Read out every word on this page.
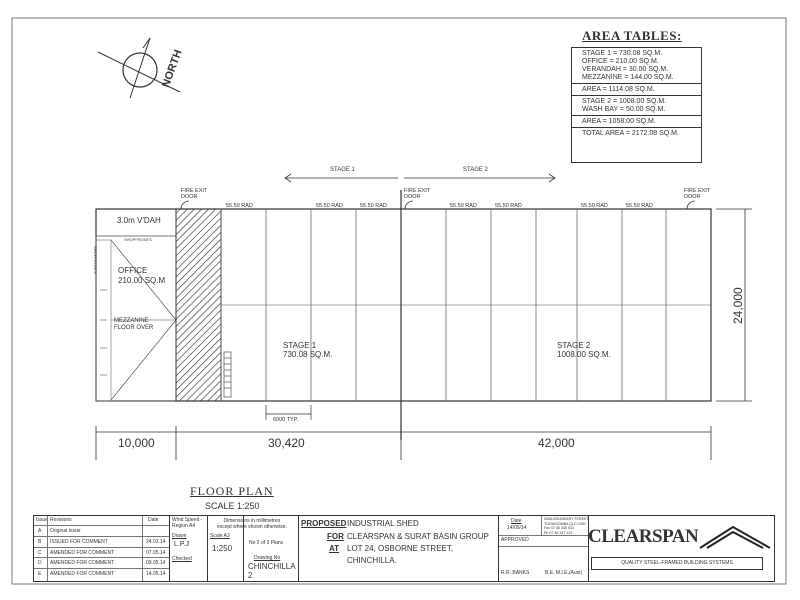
NORTH
AREA TABLES:
STAGE 1 = 730.08 SQ.M.
OFFICE = 210.00 SQ.M.
VERANDAH = 30.00 SQ.M.
MEZZANINE = 144.00 SQ.M.
AREA = 1114.08 SQ.M.
STAGE 2 = 1008.00 SQ.M.
WASH BAY = 50.00 SQ.M.
AREA = 1058.00 SQ.M.
TOTAL AREA = 2172.08 SQ.M.
STAGE 1	STAGE 2
FIRE EXIT
DOOR
FIRE EXIT
DOOR
FIRE EXIT
DOOR
55.50 RAD	55.50 RAD	55.50 RAD	55.50 RAD	55.50 RAD	55.50 RAD	55.50 RAD
3.0m V'DAH
SHOPFRONTS
SHOPFRONTS	OFFICE
210.00 SQ.M
MEZZANINE
FLOOR OVER
STAGE 1
730.08 SQ.M.
STAGE 2
1008.00 SQ.M.
6000 TYP.
10,000	30,420	42,000
24,000
FLOOR PLAN
SCALE 1:250
Issue Revisions	Date
A Original Issue
B ISSUED FOR COMMENT	24.03.14
C AMENDED FOR COMMENT	07.05.14
D AMENDED FOR COMMENT	09.05.14
E AMENDED FOR COMMENT	14.05.14
Wind Speed -
Region A4
Drawn
L.P.J
Checked
Scale A3
1:250
Dimensions in millimetres
except where shown otherwise.
No 2 of 3 Plans
Drawing No
CHINCHILLA 2
PROPOSED INDUSTRIAL SHED
FOR CLEARSPAN & SURAT BASIN GROUP
AT LOT 24, OSBORNE STREET,
CHINCHILLA.
Date
14/05/14
APPROVED
R.R. BANKS	B.E. M.I.E.(Aust)
508A BOUNDARY STREET
TOOWOOMBA QLD 4350
Fax 07 46 346 531
Ph 07 46 347 122 CLEARSPAN
QUALITY STEEL-FRAMED BUILDING SYSTEMS
